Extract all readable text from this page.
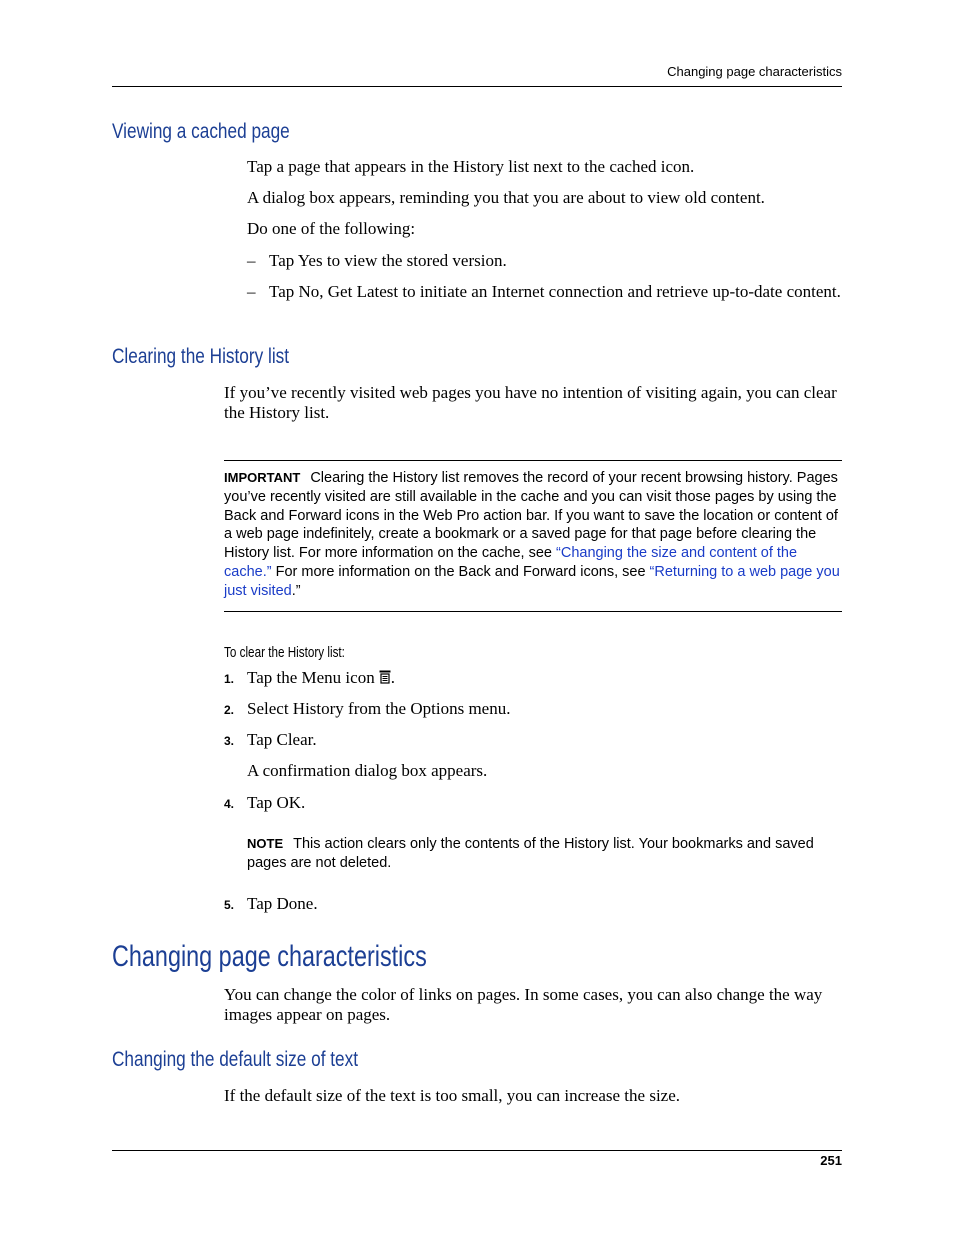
Changing page characteristics
Viewing a cached page
Tap a page that appears in the History list next to the cached icon.
A dialog box appears, reminding you that you are about to view old content.
Do one of the following:
– Tap Yes to view the stored version.
– Tap No, Get Latest to initiate an Internet connection and retrieve up-to-date content.
Clearing the History list
If you’ve recently visited web pages you have no intention of visiting again, you can clear the History list.
IMPORTANT Clearing the History list removes the record of your recent browsing history. Pages you’ve recently visited are still available in the cache and you can visit those pages by using the Back and Forward icons in the Web Pro action bar. If you want to save the location or content of a web page indefinitely, create a bookmark or a saved page for that page before clearing the History list. For more information on the cache, see “Changing the size and content of the cache.” For more information on the Back and Forward icons, see “Returning to a web page you just visited.”
To clear the History list:
1. Tap the Menu icon .
2. Select History from the Options menu.
3. Tap Clear.
A confirmation dialog box appears.
4. Tap OK.
NOTE This action clears only the contents of the History list. Your bookmarks and saved pages are not deleted.
5. Tap Done.
Changing page characteristics
You can change the color of links on pages. In some cases, you can also change the way images appear on pages.
Changing the default size of text
If the default size of the text is too small, you can increase the size.
251
